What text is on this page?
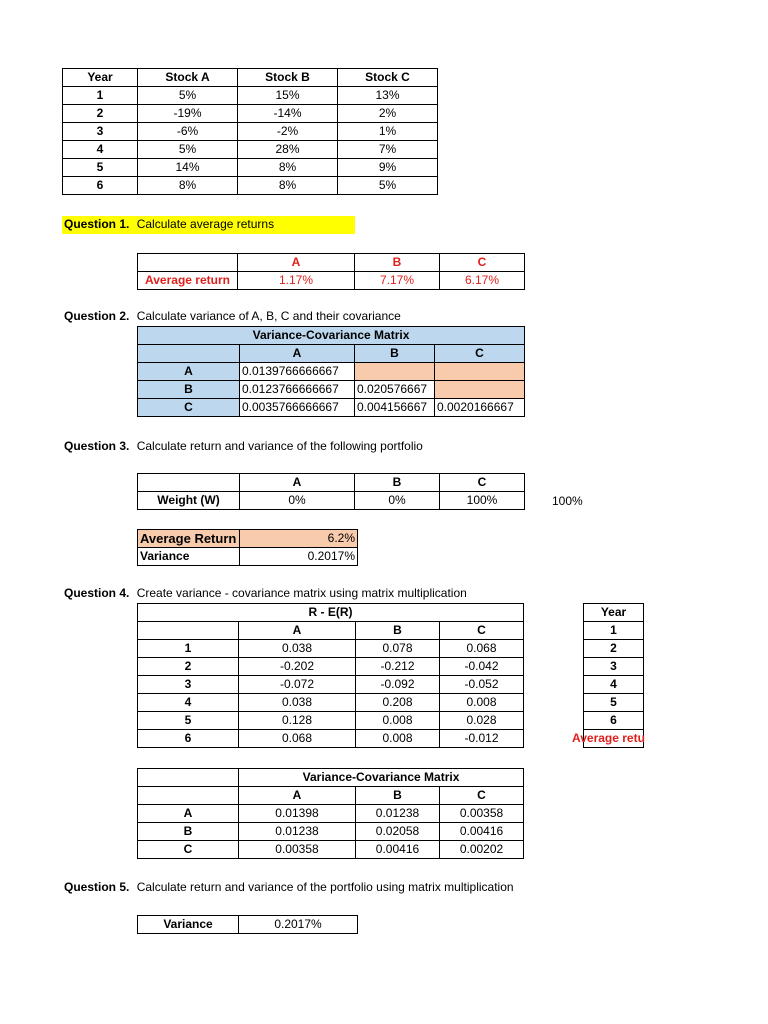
Year	Stock A	Stock B	Stock C
1	5%	15%	13%
2	-19%	-14%	2%
3	-6%	-2%	1%
4	5%	28%	7%
5	14%	8%	9%
6	8%	8%	5%
Question 1. Calculate average returns
	A	B	C
Average return	1.17%	7.17%	6.17%
Question 2. Calculate variance of A, B, C and their covariance
Variance-Covariance Matrix			
	A	B	C
A	0.0139766666667		
B	0.0123766666667	0.020576667	
C	0.0035766666667	0.004156667	0.0020166667
Question 3. Calculate return and variance of the following portfolio
	A	B	C
Weight (W)	0%	0%	100%	100%
Average Return	6.2%
Variance	0.2017%
Question 4. Create variance - covariance matrix using matrix multiplication
R - E(R)			
	A	B	C
1	0.038	0.078	0.068
2	-0.202	-0.212	-0.042
3	-0.072	-0.092	-0.052
4	0.038	0.208	0.008
5	0.128	0.008	0.028
6	0.068	0.008	-0.012
Year
1
2
3
4
5
6
Average retu
	Variance-Covariance Matrix		
	A	B	C
A	0.01398	0.01238	0.00358
B	0.01238	0.02058	0.00416
C	0.00358	0.00416	0.00202
Question 5. Calculate return and variance of the portfolio using matrix multiplication
Variance	0.2017%
